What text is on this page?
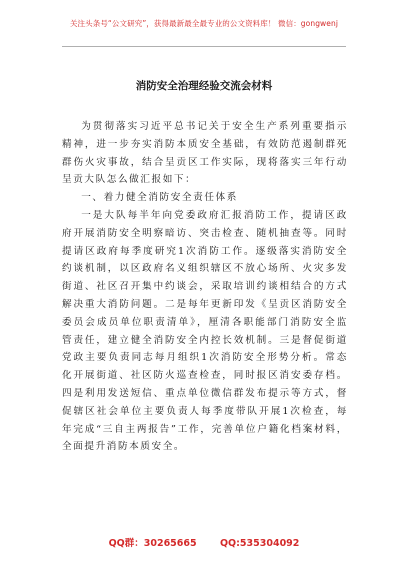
关注头条号“公文研究”，获得最新最全最专业的公文资料库！ 微信：gongwenj
消防安全治理经验交流会材料

为贯彻落实习近平总书记关于安全生产系列重要指示精神，进一步夯实消防本质安全基础，有效防范遏制群死群伤火灾事故，结合呈贡区工作实际，现将落实三年行动呈贡大队怎么做汇报如下：

一、着力健全消防安全责任体系

一是大队每半年向党委政府汇报消防工作，提请区政府开展消防安全明察暗访、突击检查、随机抽查等。同时提请区政府每季度研究1次消防工作。逐级落实消防安全约谈机制，以区政府名义组织辖区不放心场所、火灾多发街道、社区召开集中约谈会，采取培训约谈相结合的方式解决重大消防问题。二是每年更新印发《呈贡区消防安全委员会成员单位职责清单》，厘清各职能部门消防安全监管责任，建立健全消防安全内控长效机制。三是督促街道党政主要负责同志每月组织1次消防安全形势分析。常态化开展街道、社区防火巡查检查，同时报区消安委存档。四是利用发送短信、重点单位微信群发布提示等方式，督促辖区社会单位主要负责人每季度带队开展1次检查，每年完成“三自主两报告”工作，完善单位户籍化档案材料，全面提升消防本质安全。

QQ群：30265665 QQ:535304092
